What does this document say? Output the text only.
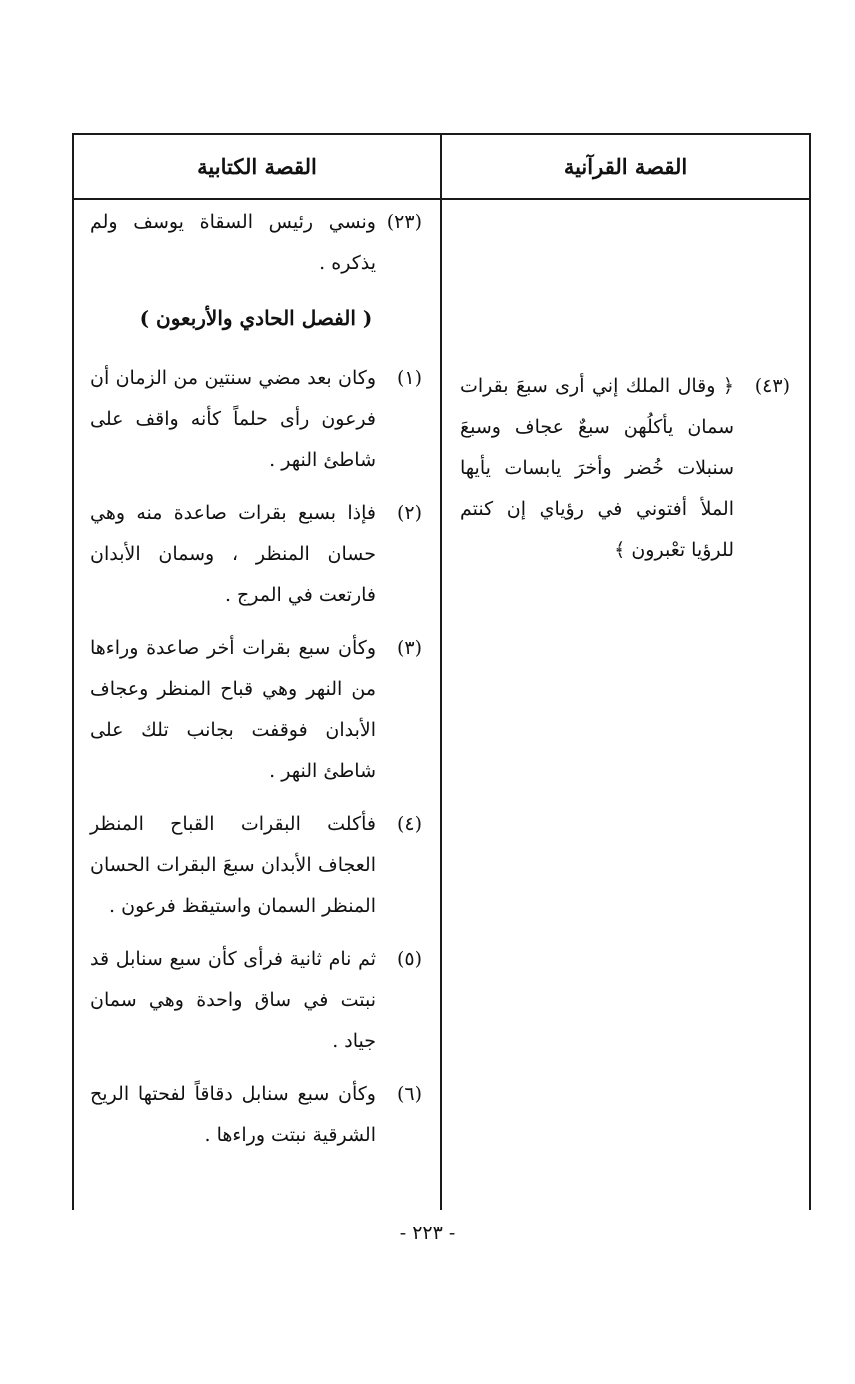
القصة القرآنية
القصة الكتابية
(٤٣)
﴿ وقال الملك إني أرى سبعَ بقرات سمان يأكلُهن سبعٌ عجاف وسبعَ سنبلات خُضر وأخرَ يابسات يأيها الملأ أفتوني في رؤياي إن كنتم للرؤيا تعْبرون ﴾
(٢٣)
ونسي رئيس السقاة يوسف ولم يذكره .
( الفصل الحادي والأربعون )
(١)
وكان بعد مضي سنتين من الزمان أن فرعون رأى حلماً كأنه واقف على شاطئ النهر .
(٢)
فإذا بسبع بقرات صاعدة منه وهي حسان المنظر ، وسمان الأبدان فارتعت في المرج .
(٣)
وكأن سبع بقرات أخر صاعدة وراءها من النهر وهي قباح المنظر وعجاف الأبدان فوقفت بجانب تلك على شاطئ النهر .
(٤)
فأكلت البقرات القباح المنظر العجاف الأبدان سبعَ البقرات الحسان المنظر السمان واستيقظ فرعون .
(٥)
ثم نام ثانية فرأى كأن سبع سنابل قد نبتت في ساق واحدة وهي سمان جياد .
(٦)
وكأن سبع سنابل دقاقاً لفحتها الريح الشرقية نبتت وراءها .
- ٢٢٣ -
